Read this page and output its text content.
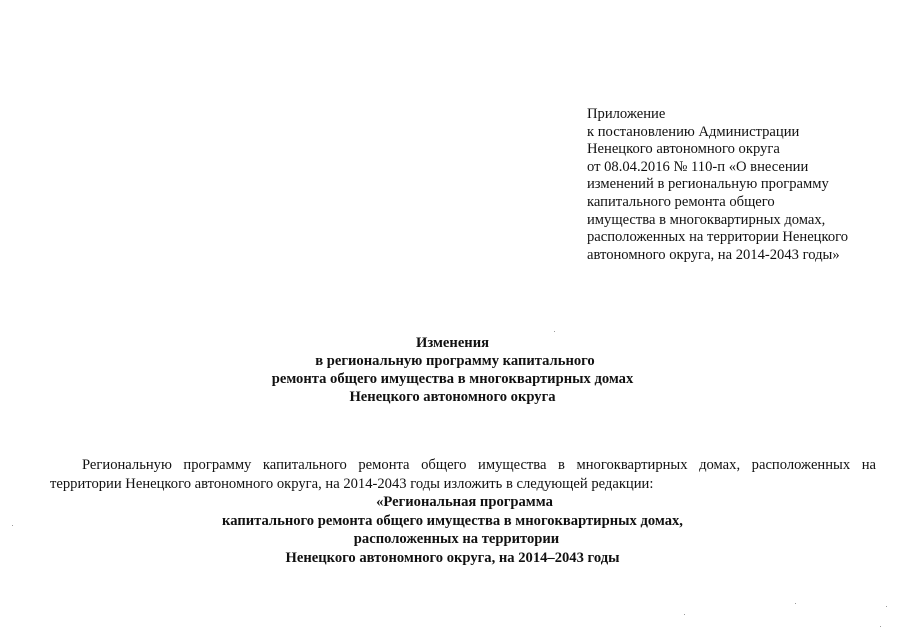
Приложение
к постановлению Администрации
Ненецкого автономного округа
от 08.04.2016 № 110-п «О внесении
изменений в региональную программу
капитального ремонта общего
имущества в многоквартирных домах,
расположенных на территории Ненецкого
автономного округа, на 2014-2043 годы»
Изменения
в региональную программу капитального
ремонта общего имущества в многоквартирных домах
Ненецкого автономного округа
Региональную программу капитального ремонта общего имущества в многоквартирных домах, расположенных на
территории Ненецкого автономного округа, на 2014-2043 годы изложить в следующей редакции:
«Региональная программа
капитального ремонта общего имущества в многоквартирных домах,
расположенных на территории
Ненецкого автономного округа, на 2014–2043 годы
